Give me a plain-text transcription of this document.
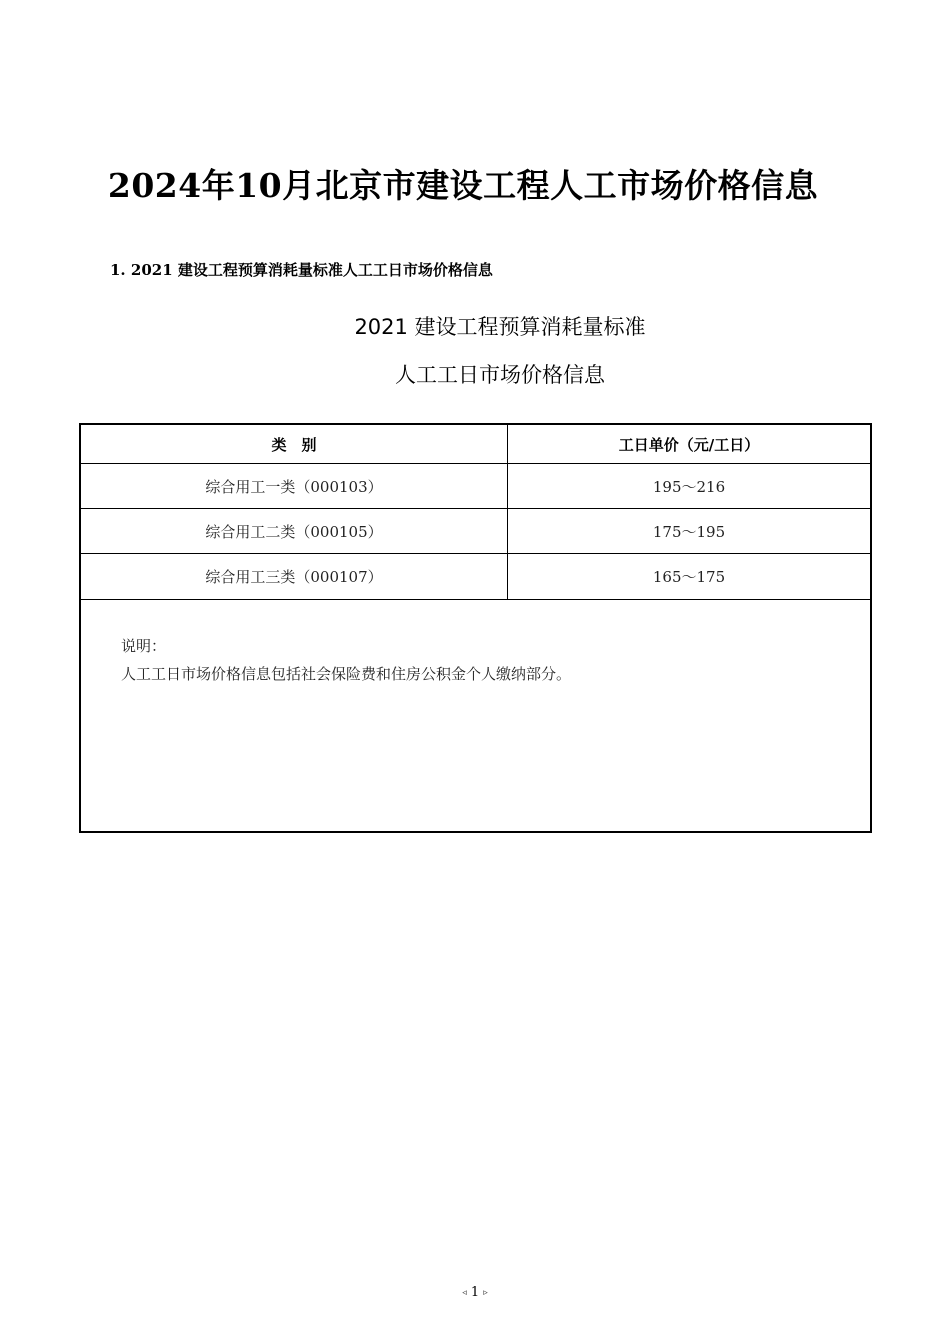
2024年10月北京市建设工程人工市场价格信息
1. 2021 建设工程预算消耗量标准人工工日市场价格信息
2021 建设工程预算消耗量标准
人工工日市场价格信息
类　别	工日单价（元/工日）
综合用工一类（000103）	195～216
综合用工二类（000105）	175～195
综合用工三类（000107）	165～175
说明：
人工工日市场价格信息包括社会保险费和住房公积金个人缴纳部分。
◃ 1 ▹
